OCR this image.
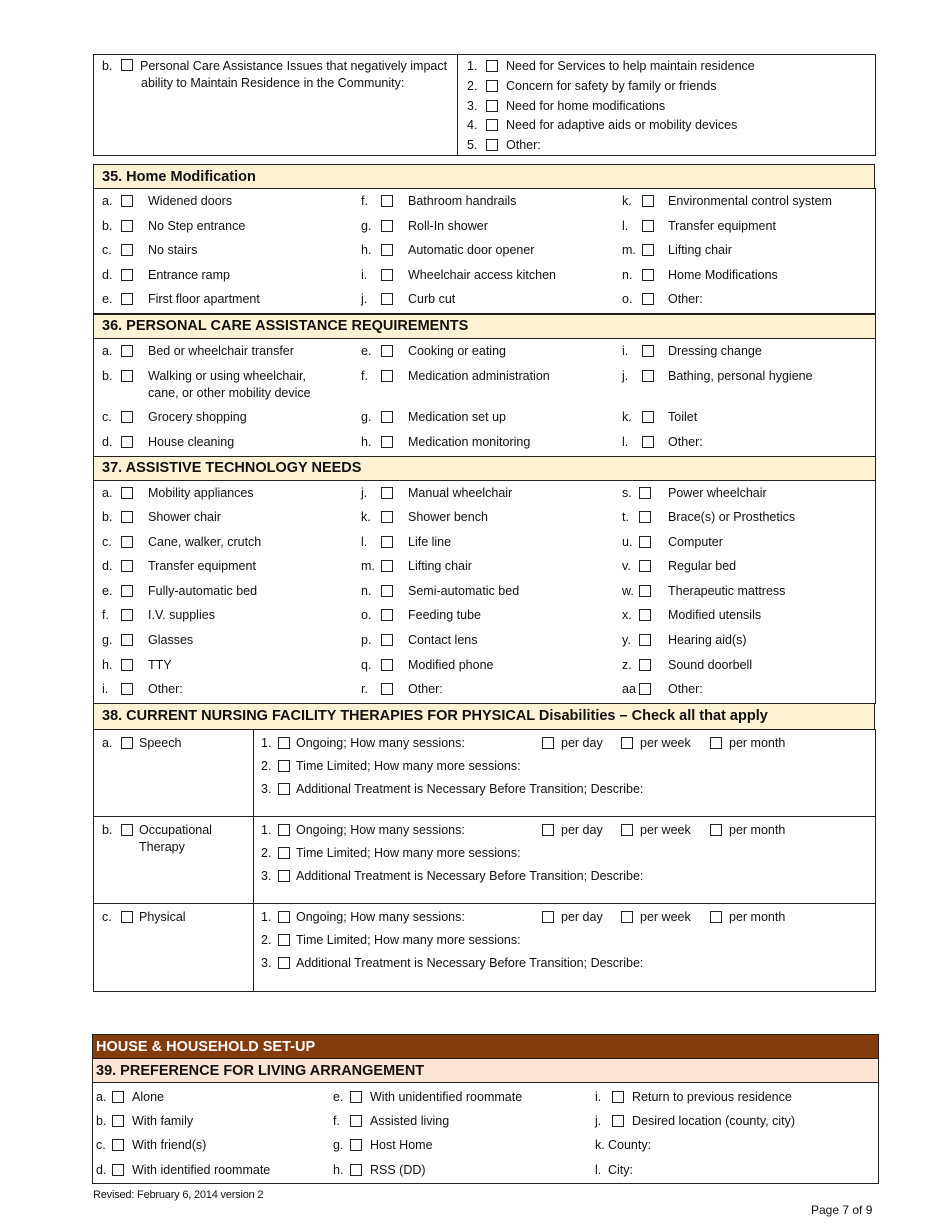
b. Personal Care Assistance Issues that negatively impact
ability to Maintain Residence in the Community:
1. Need for Services to help maintain residence
2. Concern for safety by family or friends
3. Need for home modifications
4. Need for adaptive aids or mobility devices
5. Other:
35. Home Modification
a.	Widened doors
b.	No Step entrance
c.	No stairs
d.	Entrance ramp
e.	First floor apartment
f.	Bathroom handrails
g.	Roll-In shower
h.	Automatic door opener
i.	Wheelchair access kitchen
j.	Curb cut
k.	Environmental control system
l.	Transfer equipment
m.	Lifting chair
n.	Home Modifications
o.	Other:
36. PERSONAL CARE ASSISTANCE REQUIREMENTS
a.	Bed or wheelchair transfer
b.	Walking or using wheelchair,
cane, or other mobility device
c.	Grocery shopping
d.	House cleaning
e.	Cooking or eating
f.	Medication administration
g.	Medication set up
h.	Medication monitoring
i.	Dressing change
j.	Bathing, personal hygiene
k.	Toilet
l.	Other:
37. ASSISTIVE TECHNOLOGY NEEDS
a.	Mobility appliances
b.	Shower chair
c.	Cane, walker, crutch
d.	Transfer equipment
e.	Fully-automatic bed
f.	I.V. supplies
g.	Glasses
h.	TTY
i.	Other:
j.	Manual wheelchair
k.	Shower bench
l.	Life line
m.	Lifting chair
n.	Semi-automatic bed
o.	Feeding tube
p.	Contact lens
q.	Modified phone
r.	Other:
s.	Power wheelchair
t.	Brace(s) or Prosthetics
u.	Computer
v.	Regular bed
w.	Therapeutic mattress
x.	Modified utensils
y.	Hearing aid(s)
z.	Sound doorbell
aa	Other:
38. CURRENT NURSING FACILITY THERAPIES FOR PHYSICAL Disabilities – Check all that apply
a. Speech	1. Ongoing; How many sessions:
2. Time Limited; How many more sessions:
3. Additional Treatment is Necessary Before Transition; Describe:
per day	per week	per month
b. Occupational
Therapy
1. Ongoing; How many sessions:
2. Time Limited; How many more sessions:
3. Additional Treatment is Necessary Before Transition; Describe:
per day	per week	per month
c. Physical	1. Ongoing; How many sessions:
2. Time Limited; How many more sessions:
3. Additional Treatment is Necessary Before Transition; Describe:
per day	per week	per month
HOUSE & HOUSEHOLD SET-UP
39. PREFERENCE FOR LIVING ARRANGEMENT
a. Alone
b. With family
c. With friend(s)
d. With identified roommate
e. With unidentified roommate
f. Assisted living
g. Host Home
h. RSS (DD)
i. Return to previous residence
j. Desired location (county, city)
k. County:
l. City:
Revised: February 6, 2014 version 2
Page 7 of 9
